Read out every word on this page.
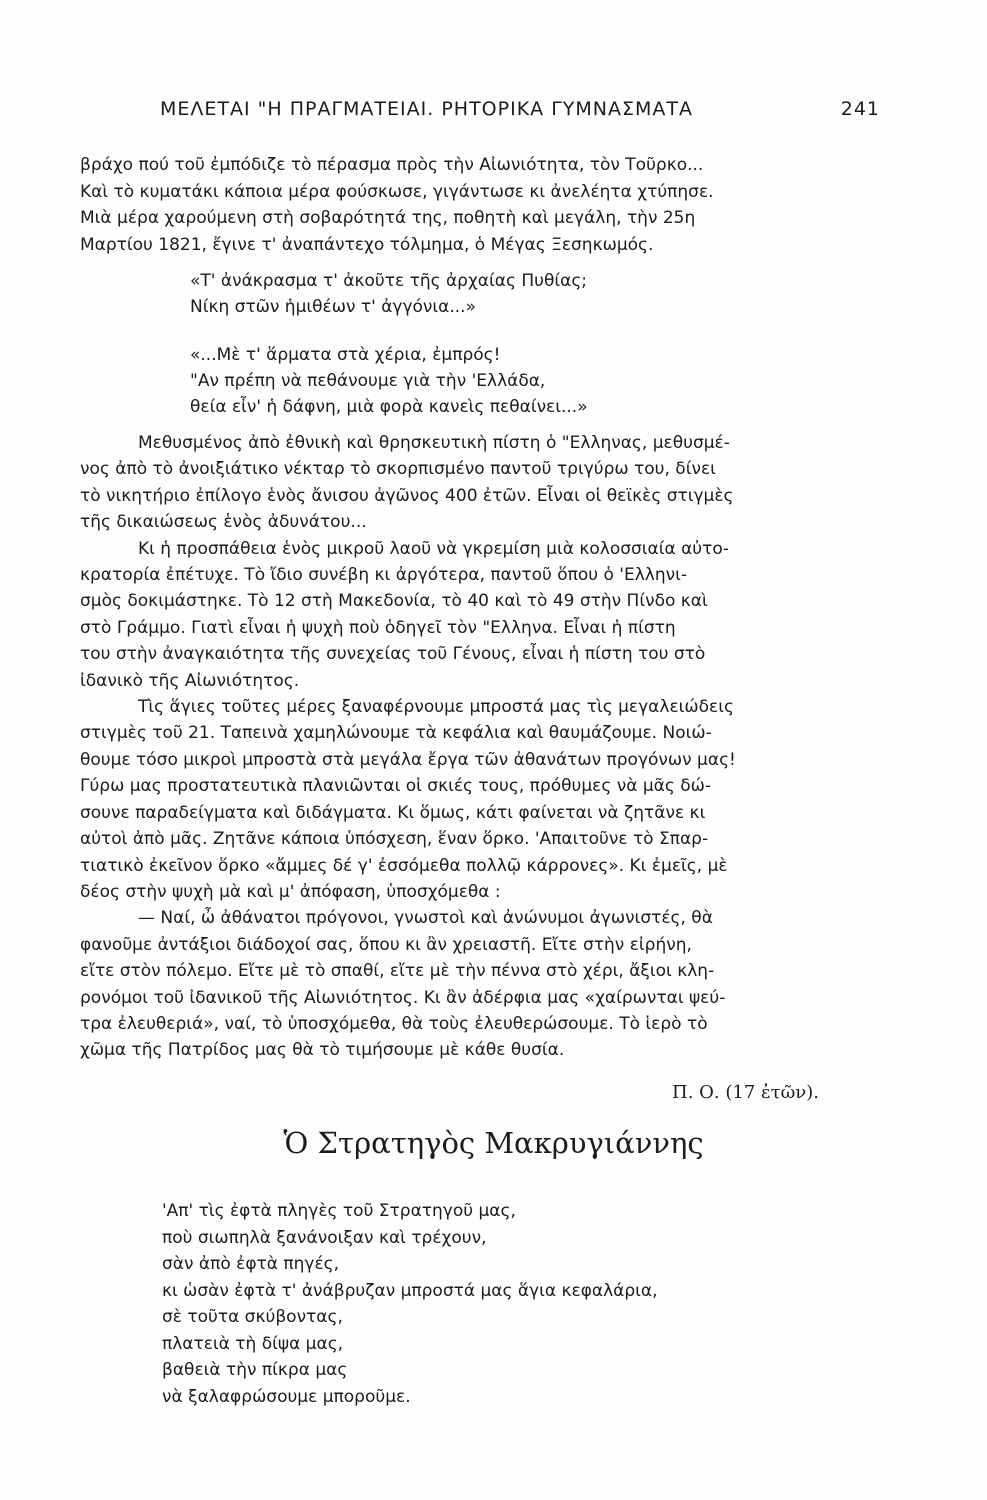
ΜΕΛΕΤΑΙ "Η ΠΡΑΓΜΑΤΕΙΑΙ. ΡΗΤΟΡΙΚΑ ΓΥΜΝΑΣΜΑΤΑ	241
βράχο πού τοῦ ἐμπόδιζε τὸ πέρασμα πρὸς τὴν Αἰωνιότητα, τὸν Τοῦρκο...
Καὶ τὸ κυματάκι κάποια μέρα φούσκωσε, γιγάντωσε κι ἀνελέητα χτύπησε.
Μιὰ μέρα χαρούμενη στὴ σοβαρότητά της, ποθητὴ καὶ μεγάλη, τὴν 25η
Μαρτίου 1821, ἔγινε τ' ἀναπάντεχο τόλμημα, ὁ Μέγας Ξεσηκωμός.
«Τ' ἀνάκρασμα τ' ἀκοῦτε τῆς ἀρχαίας Πυθίας;
Νίκη στῶν ἡμιθέων τ' ἀγγόνια...»
«...Μὲ τ' ἅρματα στὰ χέρια, ἐμπρός!
"Αν πρέπη νὰ πεθάνουμε γιὰ τὴν 'Ελλάδα,
θεία εἶν' ἡ δάφνη, μιὰ φορὰ κανεὶς πεθαίνει...»
Μεθυσμένος ἀπὸ ἐθνικὴ καὶ θρησκευτικὴ πίστη ὁ "Ελληνας, μεθυσμέ-
νος ἀπὸ τὸ ἀνοιξιάτικο νέκταρ τὸ σκορπισμένο παντοῦ τριγύρω του, δίνει
τὸ νικητήριο ἐπίλογο ἑνὸς ἄνισου ἀγῶνος 400 ἐτῶν. Εἶναι οἱ θεϊκὲς στιγμὲς
τῆς δικαιώσεως ἑνὸς ἀδυνάτου...
Κι ἡ προσπάθεια ἑνὸς μικροῦ λαοῦ νὰ γκρεμίση μιὰ κολοσσιαία αὐτο-
κρατορία ἐπέτυχε. Τὸ ἴδιο συνέβη κι ἀργότερα, παντοῦ ὅπου ὁ 'Ελληνι-
σμὸς δοκιμάστηκε. Τὸ 12 στὴ Μακεδονία, τὸ 40 καὶ τὸ 49 στὴν Πίνδο καὶ
στὸ Γράμμο. Γιατὶ εἶναι ἡ ψυχὴ ποὺ ὁδηγεῖ τὸν "Ελληνα. Εἶναι ἡ πίστη
του στὴν ἀναγκαιότητα τῆς συνεχείας τοῦ Γένους, εἶναι ἡ πίστη του στὸ
ἰδανικὸ τῆς Αἰωνιότητος.
Τὶς ἅγιες τοῦτες μέρες ξαναφέρνουμε μπροστά μας τὶς μεγαλειώδεις
στιγμὲς τοῦ 21. Ταπεινὰ χαμηλώνουμε τὰ κεφάλια καὶ θαυμάζουμε. Νοιώ-
θουμε τόσο μικροὶ μπροστὰ στὰ μεγάλα ἔργα τῶν ἀθανάτων προγόνων μας!
Γύρω μας προστατευτικὰ πλανιῶνται οἱ σκιές τους, πρόθυμες νὰ μᾶς δώ-
σουνε παραδείγματα καὶ διδάγματα. Κι ὅμως, κάτι φαίνεται νὰ ζητᾶνε κι
αὐτοὶ ἀπὸ μᾶς. Ζητᾶνε κάποια ὑπόσχεση, ἕναν ὅρκο. 'Απαιτοῦνε τὸ Σπαρ-
τιατικὸ ἐκεῖνον ὅρκο «ἄμμες δέ γ' ἐσσόμεθα πολλῷ κάρρονες». Κι ἐμεῖς, μὲ
δέος στὴν ψυχὴ μὰ καὶ μ' ἀπόφαση, ὑποσχόμεθα :
— Ναί, ὦ ἀθάνατοι πρόγονοι, γνωστοὶ καὶ ἀνώνυμοι ἀγωνιστές, θὰ
φανοῦμε ἀντάξιοι διάδοχοί σας, ὅπου κι ἂν χρειαστῆ. Εἴτε στὴν εἰρήνη,
εἴτε στὸν πόλεμο. Εἴτε μὲ τὸ σπαθί, εἴτε μὲ τὴν πέννα στὸ χέρι, ἄξιοι κλη-
ρονόμοι τοῦ ἰδανικοῦ τῆς Αἰωνιότητος. Κι ἂν ἀδέρφια μας «χαίρωνται ψεύ-
τρα ἐλευθεριά», ναί, τὸ ὑποσχόμεθα, θὰ τοὺς ἐλευθερώσουμε. Τὸ ἱερὸ τὸ
χῶμα τῆς Πατρίδος μας θὰ τὸ τιμήσουμε μὲ κάθε θυσία.
Π. Ο. (17 ἐτῶν).
Ὁ Στρατηγὸς Μακρυγιάννης
'Απ' τὶς ἐφτὰ πληγὲς τοῦ Στρατηγοῦ μας,
ποὺ σιωπηλὰ ξανάνοιξαν καὶ τρέχουν,
σὰν ἀπὸ ἐφτὰ πηγές,
κι ὡσὰν ἐφτὰ τ' ἀνάβρυζαν μπροστά μας ἅγια κεφαλάρια,
σὲ τοῦτα σκύβοντας,
πλατειὰ τὴ δίψα μας,
βαθειὰ τὴν πίκρα μας
νὰ ξαλαφρώσουμε μποροῦμε.
